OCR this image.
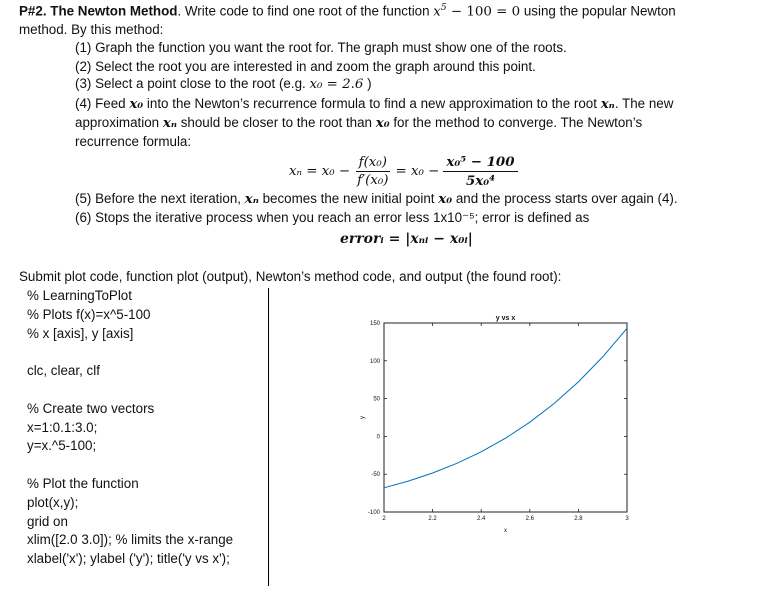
P#2. The Newton Method. Write code to find one root of the function $x^5 - 100 = 0$ using the popular Newton
method. By this method:
(1) Graph the function you want the root for. The graph must show one of the roots.
(2) Select the root you are interested in and zoom the graph around this point.
(3) Select a point close to the root (e.g. x₀ = 2.6 )
(4) Feed x₀ into the Newton’s recurrence formula to find a new approximation to the root xₙ. The new
approximation xₙ should be closer to the root than x₀ for the method to converge. The Newton’s
recurrence formula:
$x_n = x_0 - \frac{\text{f(x₀)}}{\text{f′(x₀)}} = x_0 - \frac{\text{x₀⁵ − 100}}{\text{5x₀⁴}}$
(5) Before the next iteration, xₙ becomes the new initial point x₀ and the process starts over again (4).
(6) Stops the iterative process when you reach an error less 1x10⁻⁵; error is defined as
errorᵢ = |xₙᵢ − x₀ᵢ|
Submit plot code, function plot (output), Newton’s method code, and output (the found root):
% LearningToPlot
% Plots f(x)=x^5-100
% x [axis], y [axis]
clc, clear, clf
% Create two vectors
x=1:0.1:3.0;
y=x.^5-100;
% Plot the function
plot(x,y);
grid on
xlim([2.0 3.0]); % limits the x-range
xlabel('x'); ylabel ('y'); title('y vs x');
y vs x
150
100
50
0
-50
-100
2	2.2	2.4	2.6	2.8	3
x
y
